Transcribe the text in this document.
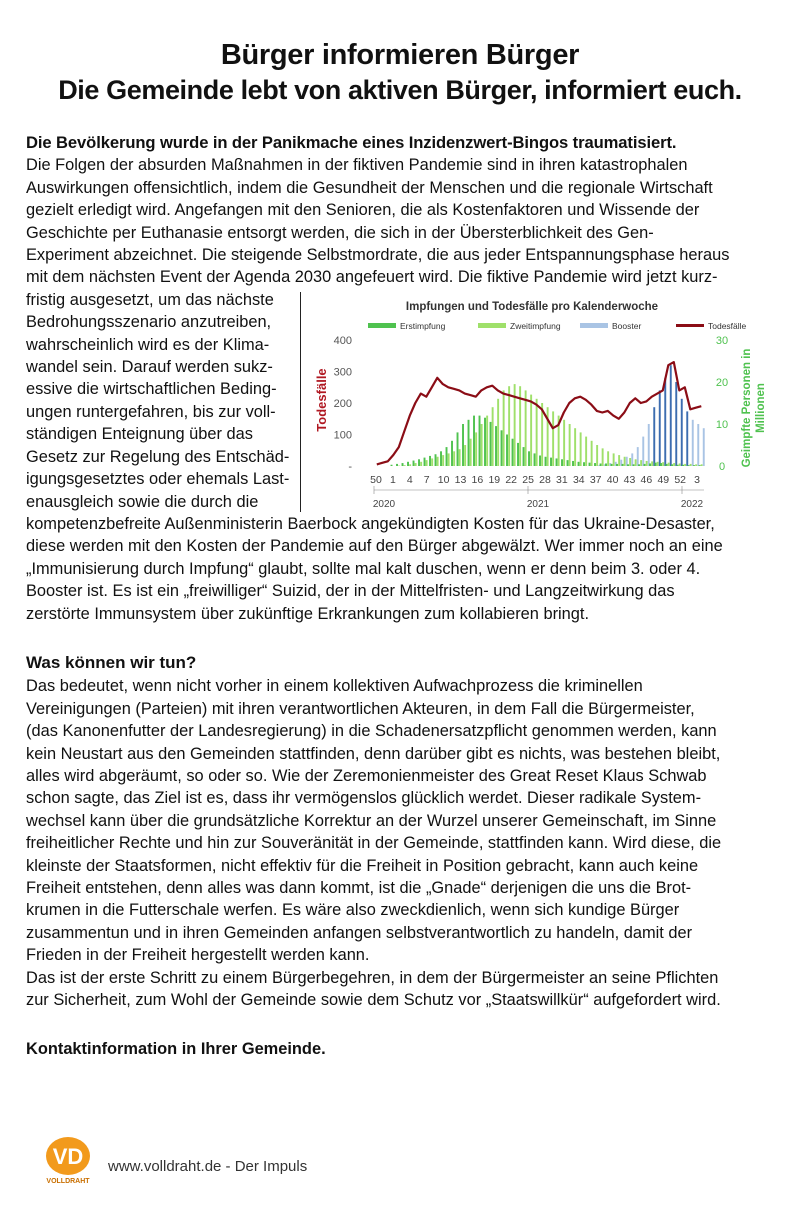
Bürger informieren Bürger
Die Gemeinde lebt von aktiven Bürger, informiert euch.

Die Bevölkerung wurde in der Panikmache eines Inzidenzwert-Bingos traumatisiert.

Die Folgen der absurden Maßnahmen in der fiktiven Pandemie sind in ihren katastrophalen
Auswirkungen offensichtlich, indem die Gesundheit der Menschen und die regionale Wirtschaft
gezielt erledigt wird. Angefangen mit den Senioren, die als Kostenfaktoren und Wissende der
Geschichte per Euthanasie entsorgt werden, die sich in der Übersterblichkeit des Gen-
Experiment abzeichnet. Die steigende Selbstmordrate, die aus jeder Entspannungsphase heraus
mit dem nächsten Event der Agenda 2030 angefeuert wird. Die fiktive Pandemie wird jetzt kurz-
fristig ausgesetzt, um das nächste
Bedrohungsszenario anzutreiben,
wahrscheinlich wird es der Klima-
wandel sein. Darauf werden sukz-
essive die wirtschaftlichen Beding-
ungen runtergefahren, bis zur voll-
ständigen Enteignung über das
Gesetz zur Regelung des Entschäd-
igungsgesetztes oder ehemals Last-
enausgleich sowie die durch die
kompetenzbefreite Außenministerin Baerbock angekündigten Kosten für das Ukraine-Desaster,
diese werden mit den Kosten der Pandemie auf den Bürger abgewälzt. Wer immer noch an eine
„Immunisierung durch Impfung“ glaubt, sollte mal kalt duschen, wenn er denn beim 3. oder 4.
Booster ist. Es ist ein „freiwilliger“ Suizid, der in der Mittelfristen- und Langzeitwirkung das
zerstörte Immunsystem über zukünftige Erkrankungen zum kollabieren bringt.
Impfungen und Todesfälle pro Kalenderwoche
Erstimpfung	Zweitimpfung	Booster	Todesfälle
400
300
200
100
-
30
20
10
0
Todesfälle	Geimpfte Personen in Millionen
50 1 4 7 10 13 16 19 22 25 28 31 34 37 40 43 46 49 52 3
2020	2021	2022

Was können wir tun?

Das bedeutet, wenn nicht vorher in einem kollektiven Aufwachprozess die kriminellen
Vereinigungen (Parteien) mit ihren verantwortlichen Akteuren, in dem Fall die Bürgermeister,
(das Kanonenfutter der Landesregierung) in die Schadenersatzpflicht genommen werden, kann
kein Neustart aus den Gemeinden stattfinden, denn darüber gibt es nichts, was bestehen bleibt,
alles wird abgeräumt, so oder so. Wie der Zeremonienmeister des Great Reset Klaus Schwab
schon sagte, das Ziel ist es, dass ihr vermögenslos glücklich werdet. Dieser radikale System-
wechsel kann über die grundsätzliche Korrektur an der Wurzel unserer Gemeinschaft, im Sinne
freiheitlicher Rechte und hin zur Souveränität in der Gemeinde, stattfinden kann. Wird diese, die
kleinste der Staatsformen, nicht effektiv für die Freiheit in Position gebracht, kann auch keine
Freiheit entstehen, denn alles was dann kommt, ist die „Gnade“ derjenigen die uns die Brot-
krumen in die Futterschale werfen. Es wäre also zweckdienlich, wenn sich kundige Bürger
zusammentun und in ihren Gemeinden anfangen selbstverantwortlich zu handeln, damit der
Frieden in der Freiheit hergestellt werden kann.
Das ist der erste Schritt zu einem Bürgerbegehren, in dem der Bürgermeister an seine Pflichten
zur Sicherheit, zum Wohl der Gemeinde sowie dem Schutz vor „Staatswillkür“ aufgefordert wird.
Kontaktinformation in Ihrer Gemeinde.
VD
VOLLDRAHT
www.volldraht.de - Der Impuls
